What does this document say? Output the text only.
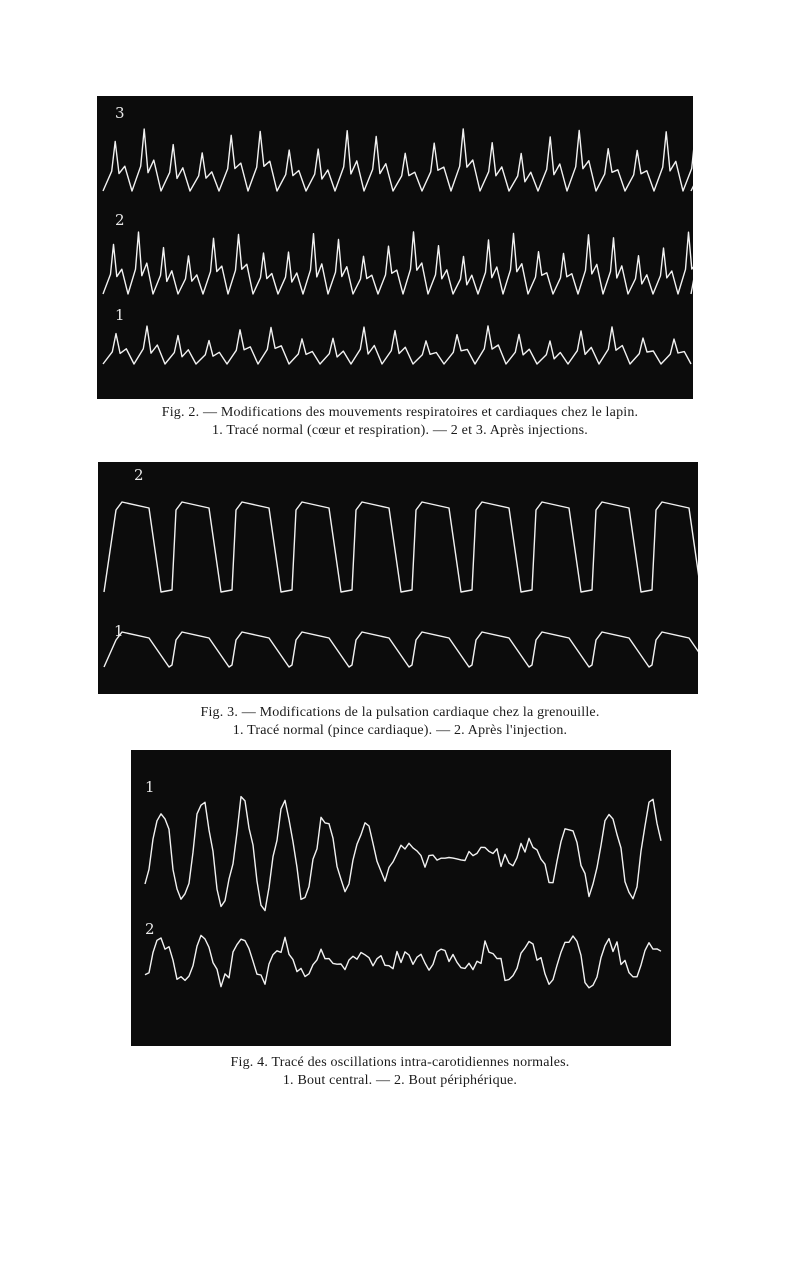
3
2
1
Fig. 2. — Modifications des mouvements respiratoires et cardiaques chez le lapin.
1. Tracé normal (cœur et respiration). — 2 et 3. Après injections.
2
1
Fig. 3. — Modifications de la pulsation cardiaque chez la grenouille.
1. Tracé normal (pince cardiaque). — 2. Après l'injection.
1
2
Fig. 4. Tracé des oscillations intra-carotidiennes normales.
1. Bout central. — 2. Bout périphérique.
